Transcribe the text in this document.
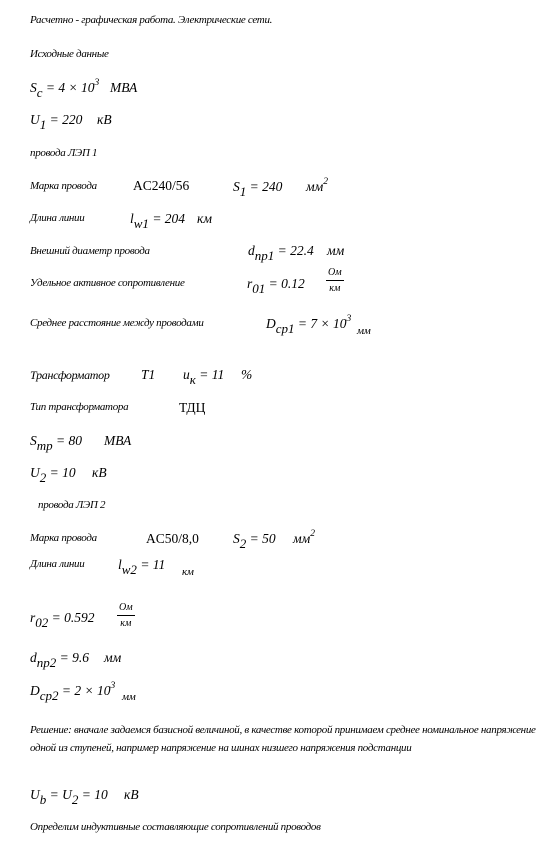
Расчетно - графическая работа. Электрические сети.
Исходные данные
$S_c = 4 \times 10^3$ МВА
$U_1 = 220$ кВ
провода ЛЭП 1
Марка провода	AC240/56	$S_1 = 240$ $мм^2$
Длина линии	$l_{w1} = 204$ км
Внешний диаметр провода	$d_{пр1} = 22.4$ мм
Удельное активное сопротивление	$r_{01} = 0.12$
Ом
км
Среднее расстояние между проводами	$D_{ср1} = 7 \times 10^3$
мм
Трансформатор T1 $u_к = 11$ %
Тип трансформатора	ТДЦ
$S_{тр} = 80$ МВА
$U_2 = 10$ кВ
провода ЛЭП 2
Марка провода	AC50/8,0	$S_2 = 50$ $мм^2$
Длина линии $l_{w2} = 11$ км
$r_{02} = 0.592$
Ом
км
$d_{пр2} = 9.6$ мм
$D_{ср2} = 2 \times 10^3$
мм
Решение: вначале задаемся базисной величиной, в качестве которой принимаем среднее номинальное напряжение одной из ступеней, например напряжение на шинах низшего напряжения подстанции
$U_b = U_2 = 10$ кВ
Определим индуктивные составляющие сопротивлений проводов
